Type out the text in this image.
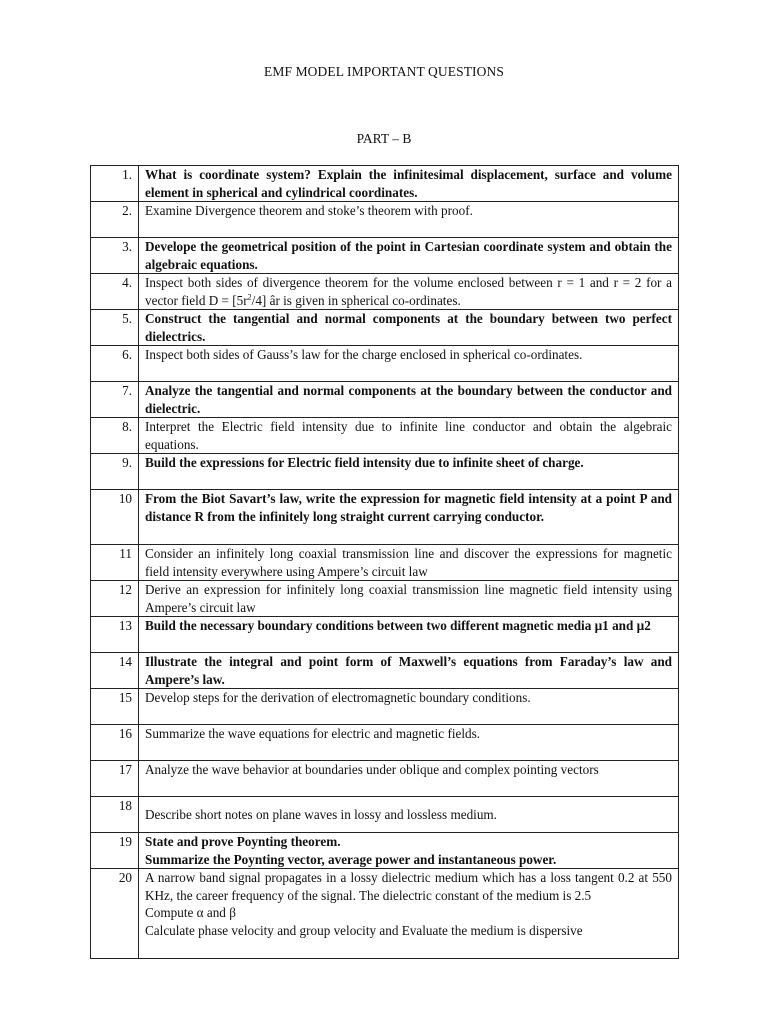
EMF MODEL IMPORTANT QUESTIONS
PART – B
1.	What is coordinate system? Explain the infinitesimal displacement, surface and volume element in spherical and cylindrical coordinates.
2.	Examine Divergence theorem and stoke’s theorem with proof.
3.	Develope the geometrical position of the point in Cartesian coordinate system and obtain the algebraic equations.
4.	Inspect both sides of divergence theorem for the volume enclosed between r = 1 and r = 2 for a vector field $D = [5r^2/4]$ âr is given in spherical co-ordinates.
5.	Construct the tangential and normal components at the boundary between two perfect dielectrics.
6.	Inspect both sides of Gauss’s law for the charge enclosed in spherical co-ordinates.
7.	Analyze the tangential and normal components at the boundary between the conductor and dielectric.
8.	Interpret the Electric field intensity due to infinite line conductor and obtain the algebraic equations.
9.	Build the expressions for Electric field intensity due to infinite sheet of charge.
10	From the Biot Savart’s law, write the expression for magnetic field intensity at a point P and distance R from the infinitely long straight current carrying conductor.
11	Consider an infinitely long coaxial transmission line and discover the expressions for magnetic field intensity everywhere using Ampere’s circuit law
12	Derive an expression for infinitely long coaxial transmission line magnetic field intensity using Ampere’s circuit law
13	Build the necessary boundary conditions between two different magnetic media µ1 and µ2
14	Illustrate the integral and point form of Maxwell’s equations from Faraday’s law and Ampere’s law.
15	Develop steps for the derivation of electromagnetic boundary conditions.
16	Summarize the wave equations for electric and magnetic fields.
17	Analyze the wave behavior at boundaries under oblique and complex pointing vectors
18	Describe short notes on plane waves in lossy and lossless medium.
19	State and prove Poynting theorem.
Summarize the Poynting vector, average power and instantaneous power.

20	A narrow band signal propagates in a lossy dielectric medium which has a loss tangent 0.2 at 550 KHz, the career frequency of the signal. The dielectric constant of the medium is 2.5
Compute α and β
Calculate phase velocity and group velocity and Evaluate the medium is dispersive
